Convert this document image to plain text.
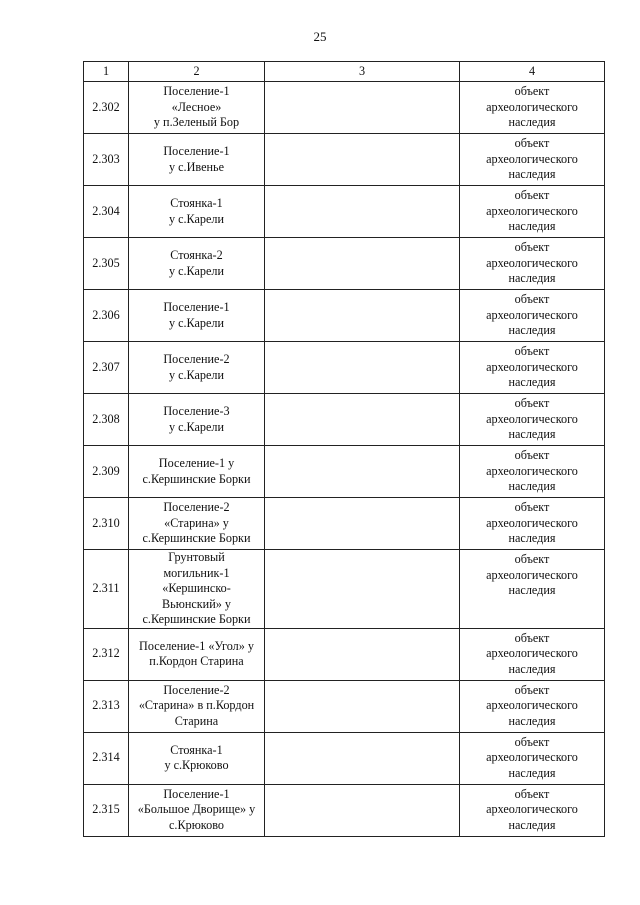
25
1	2	3	4
2.302	Поселение-1
«Лесное»
у п.Зеленый Бор		объект
археологического
наследия

2.303	Поселение-1
у с.Ивенье		объект
археологического
наследия

2.304	Стоянка-1
у с.Карели		объект
археологического
наследия

2.305	Стоянка-2
у с.Карели		объект
археологического
наследия

2.306	Поселение-1
у с.Карели		объект
археологического
наследия

2.307	Поселение-2
у с.Карели		объект
археологического
наследия

2.308	Поселение-3
у с.Карели		объект
археологического
наследия

2.309	Поселение-1 у
с.Кершинские Борки		объект
археологического
наследия

2.310	Поселение-2
«Старина» у
с.Кершинские Борки		объект
археологического
наследия

2.311	Грунтовый
могильник-1
«Кершинско-
Вьюнский» у
с.Кершинские Борки		объект
археологического
наследия

2.312	Поселение-1 «Угол» у
п.Кордон Старина		объект
археологического
наследия

2.313	Поселение-2
«Старина» в п.Кордон
Старина		объект
археологического
наследия

2.314	Стоянка-1
у с.Крюково		объект
археологического
наследия

2.315	Поселение-1
«Большое Дворище» у
с.Крюково		объект
археологического
наследия
